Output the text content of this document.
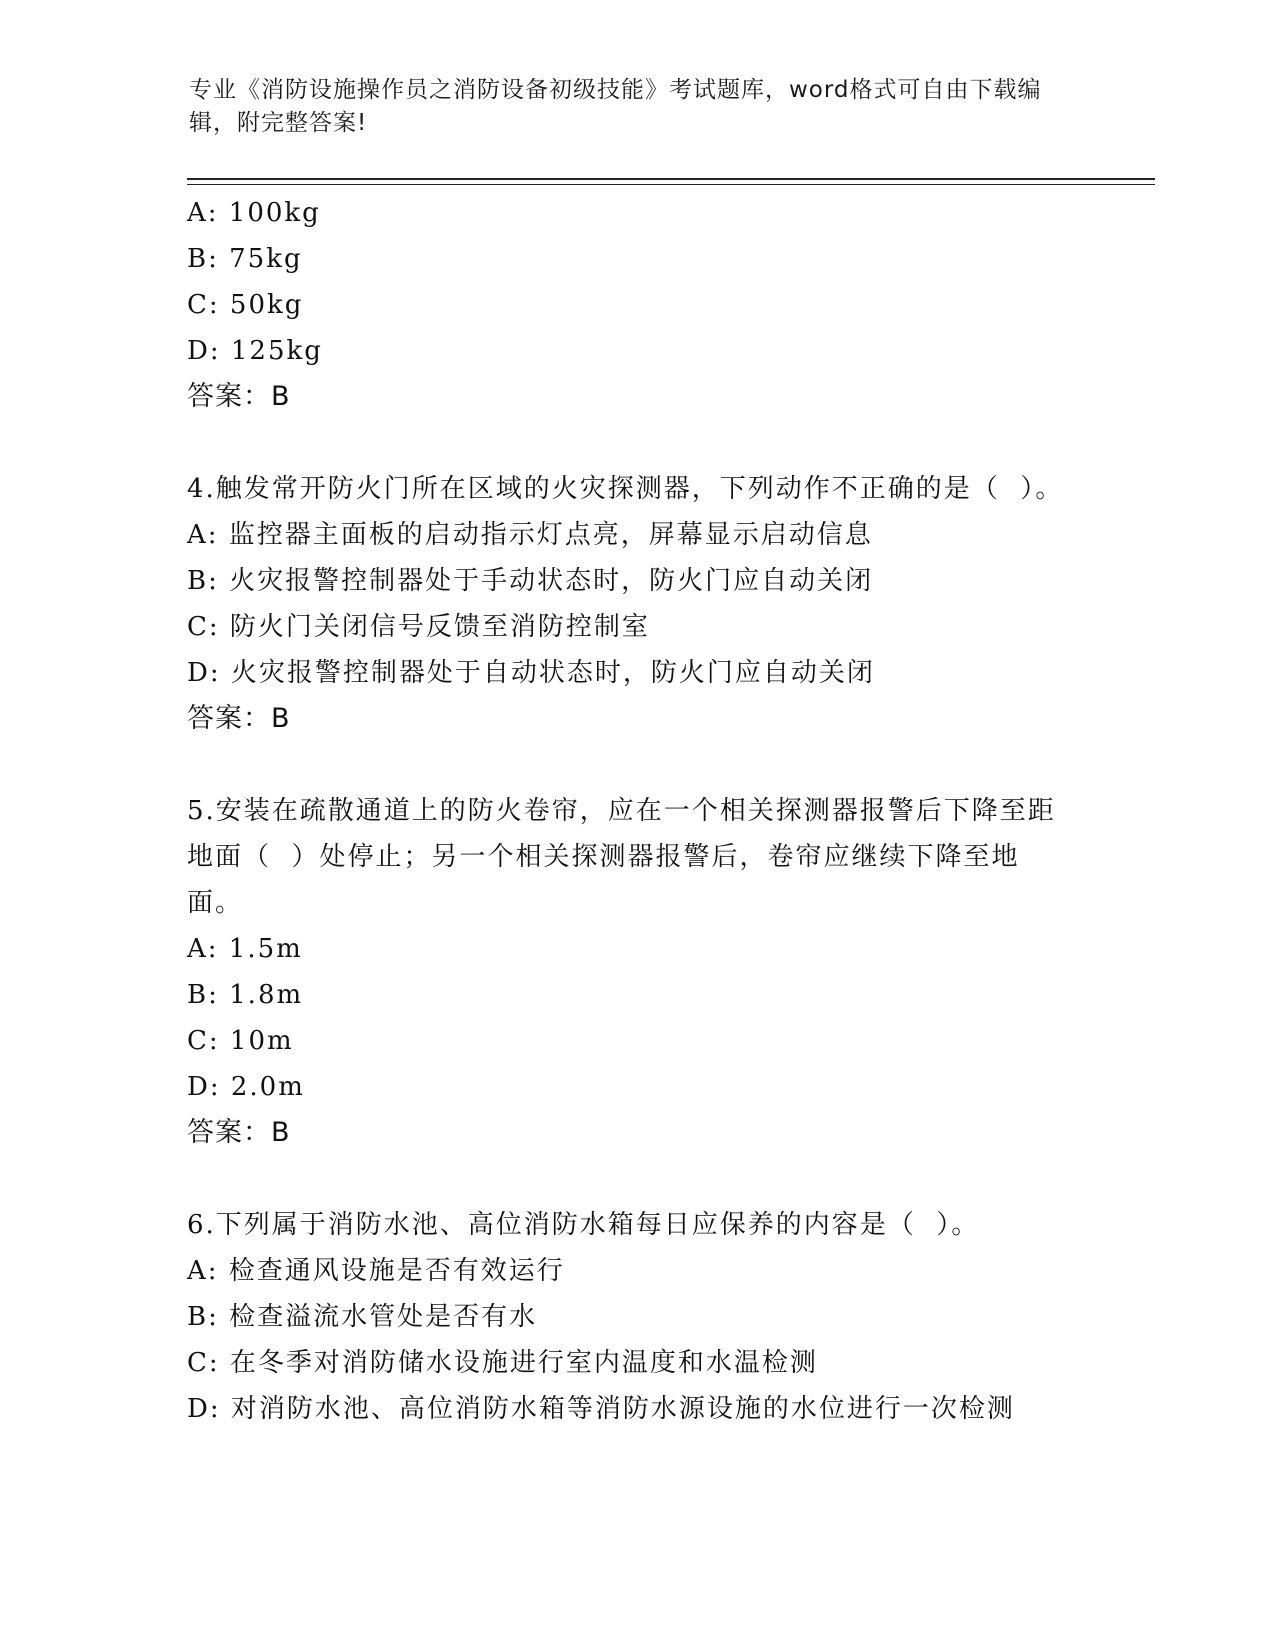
专业《消防设施操作员之消防设备初级技能》考试题库，word格式可自由下载编辑，附完整答案!
A: 100kg
B: 75kg
C: 50kg
D: 125kg
答案：B
4.触发常开防火门所在区域的火灾探测器，下列动作不正确的是（  ）。
A: 监控器主面板的启动指示灯点亮，屏幕显示启动信息
B: 火灾报警控制器处于手动状态时，防火门应自动关闭
C: 防火门关闭信号反馈至消防控制室
D: 火灾报警控制器处于自动状态时，防火门应自动关闭
答案：B
5.安装在疏散通道上的防火卷帘，应在一个相关探测器报警后下降至距地面（  ）处停止；另一个相关探测器报警后，卷帘应继续下降至地面。
A: 1.5m
B: 1.8m
C: 10m
D: 2.0m
答案：B
6.下列属于消防水池、高位消防水箱每日应保养的内容是（  ）。
A: 检查通风设施是否有效运行
B: 检查溢流水管处是否有水
C: 在冬季对消防储水设施进行室内温度和水温检测
D: 对消防水池、高位消防水箱等消防水源设施的水位进行一次检测
